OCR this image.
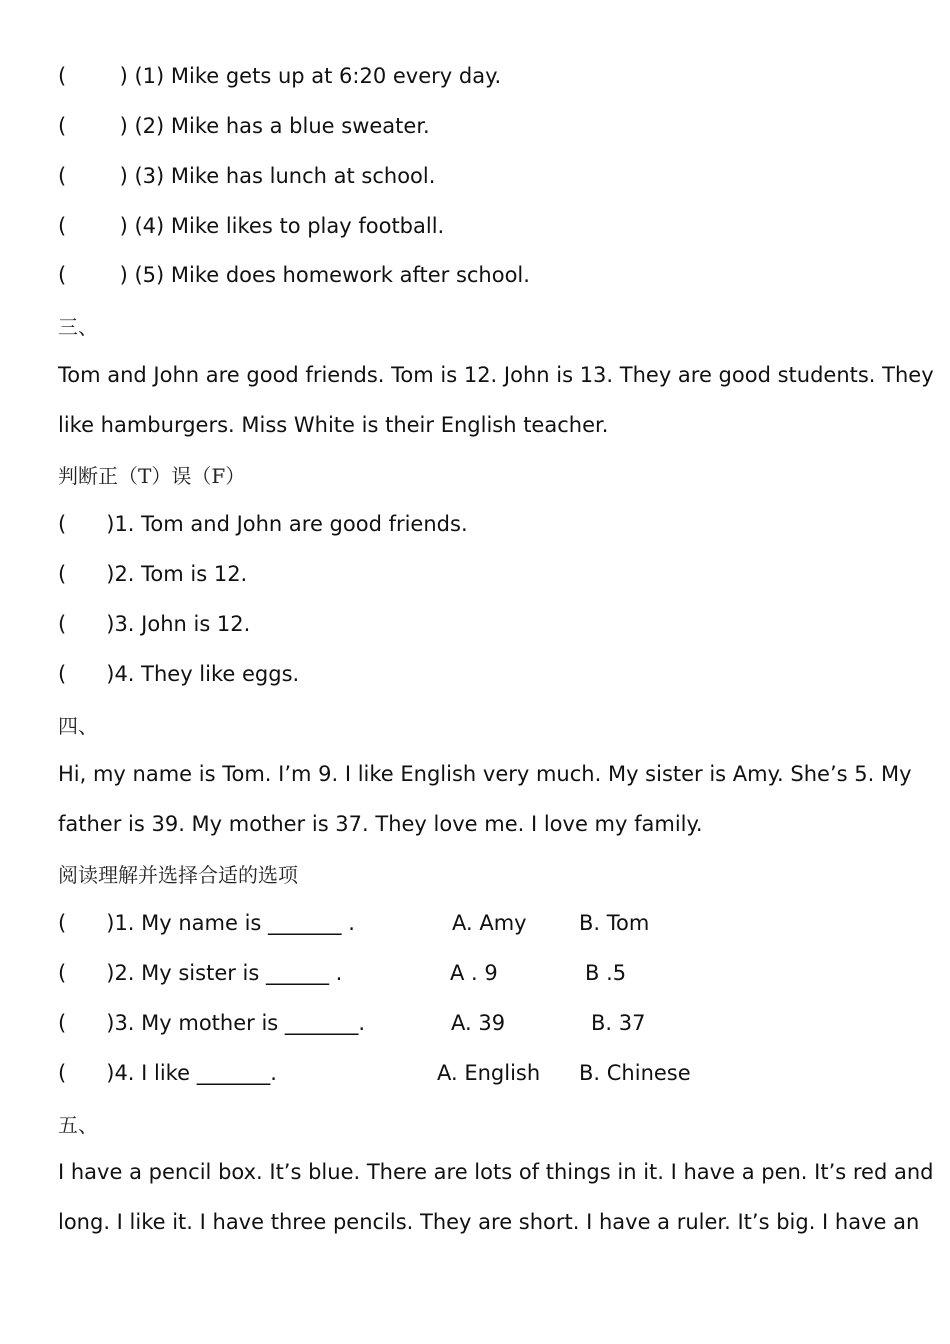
(        ) (1) Mike gets up at 6:20 every day.
(        ) (2) Mike has a blue sweater.
(        ) (3) Mike has lunch at school.
(        ) (4) Mike likes to play football.
(        ) (5) Mike does homework after school.
三、
Tom and John are good friends. Tom is 12. John is 13. They are good students. They
like hamburgers. Miss White is their English teacher.
判断正（T）误（F）
(      )1. Tom and John are good friends.
(      )2. Tom is 12.
(      )3. John is 12.
(      )4. They like eggs.
四、
Hi, my name is Tom. I’m 9. I like English very much. My sister is Amy. She’s 5. My
father is 39. My mother is 37. They love me. I love my family.
阅读理解并选择合适的选项
(      )1. My name is _______ .	A. Amy B. Tom
(      )2. My sister is ______ .	A . 9	B .5
(      )3. My mother is _______.	A. 39	B. 37
(      )4. I like _______.	A. English B. Chinese
五、
I have a pencil box. It’s blue. There are lots of things in it. I have a pen. It’s red and
long. I like it. I have three pencils. They are short. I have a ruler. It’s big. I have an
